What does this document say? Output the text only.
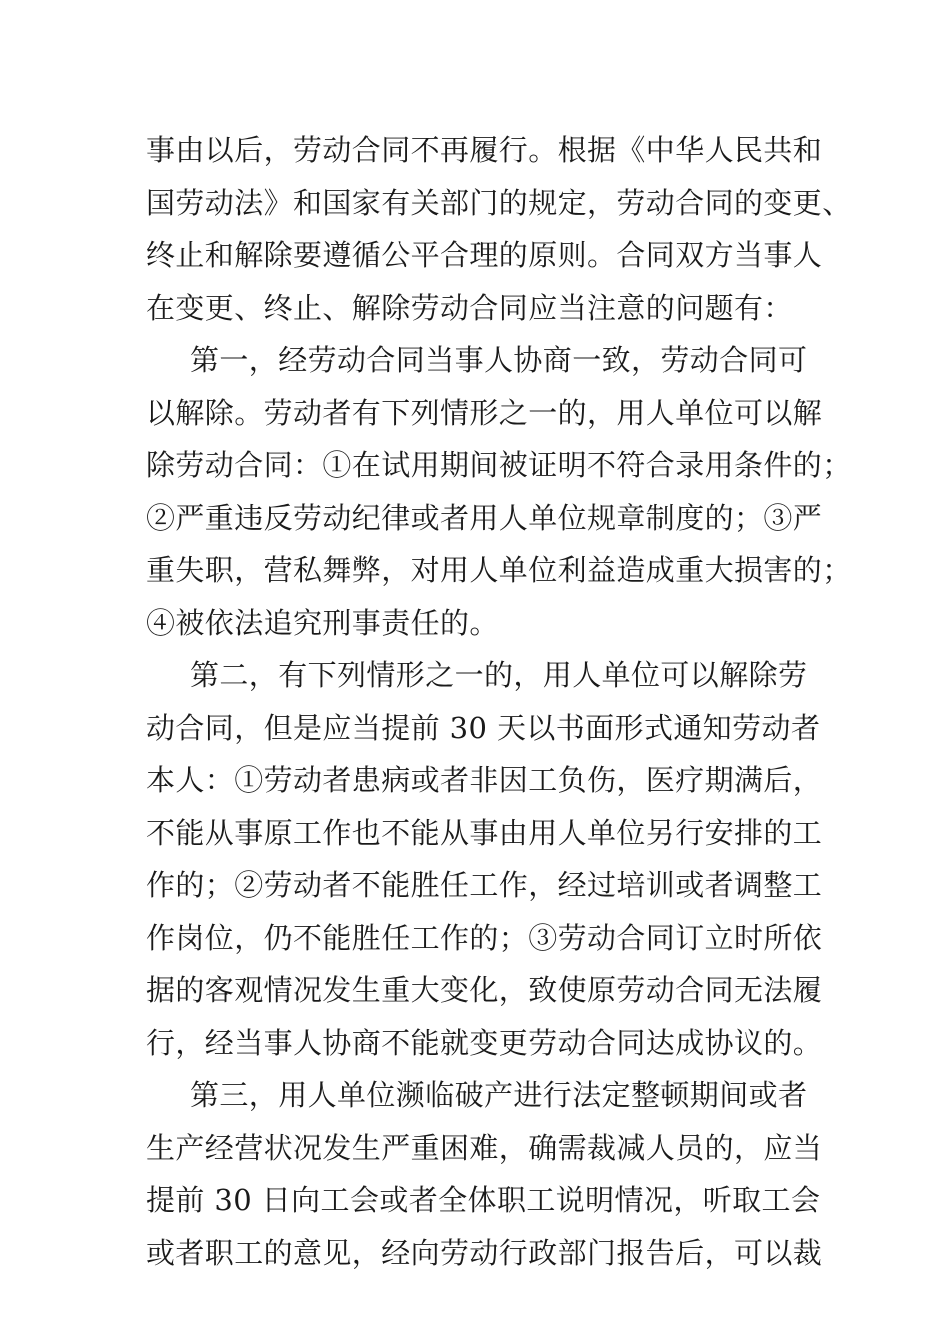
事由以后，劳动合同不再履行。根据《中华人民共和
国劳动法》和国家有关部门的规定，劳动合同的变更、
终止和解除要遵循公平合理的原则。合同双方当事人
在变更、终止、解除劳动合同应当注意的问题有：
第一，经劳动合同当事人协商一致，劳动合同可
以解除。劳动者有下列情形之一的，用人单位可以解
除劳动合同：①在试用期间被证明不符合录用条件的；
②严重违反劳动纪律或者用人单位规章制度的；③严
重失职，营私舞弊，对用人单位利益造成重大损害的；
④被依法追究刑事责任的。
第二，有下列情形之一的，用人单位可以解除劳
动合同，但是应当提前 30 天以书面形式通知劳动者
本人：①劳动者患病或者非因工负伤，医疗期满后，
不能从事原工作也不能从事由用人单位另行安排的工
作的；②劳动者不能胜任工作，经过培训或者调整工
作岗位，仍不能胜任工作的；③劳动合同订立时所依
据的客观情况发生重大变化，致使原劳动合同无法履
行，经当事人协商不能就变更劳动合同达成协议的。
第三，用人单位濒临破产进行法定整顿期间或者
生产经营状况发生严重困难，确需裁减人员的，应当
提前 30 日向工会或者全体职工说明情况，听取工会
或者职工的意见，经向劳动行政部门报告后，可以裁
